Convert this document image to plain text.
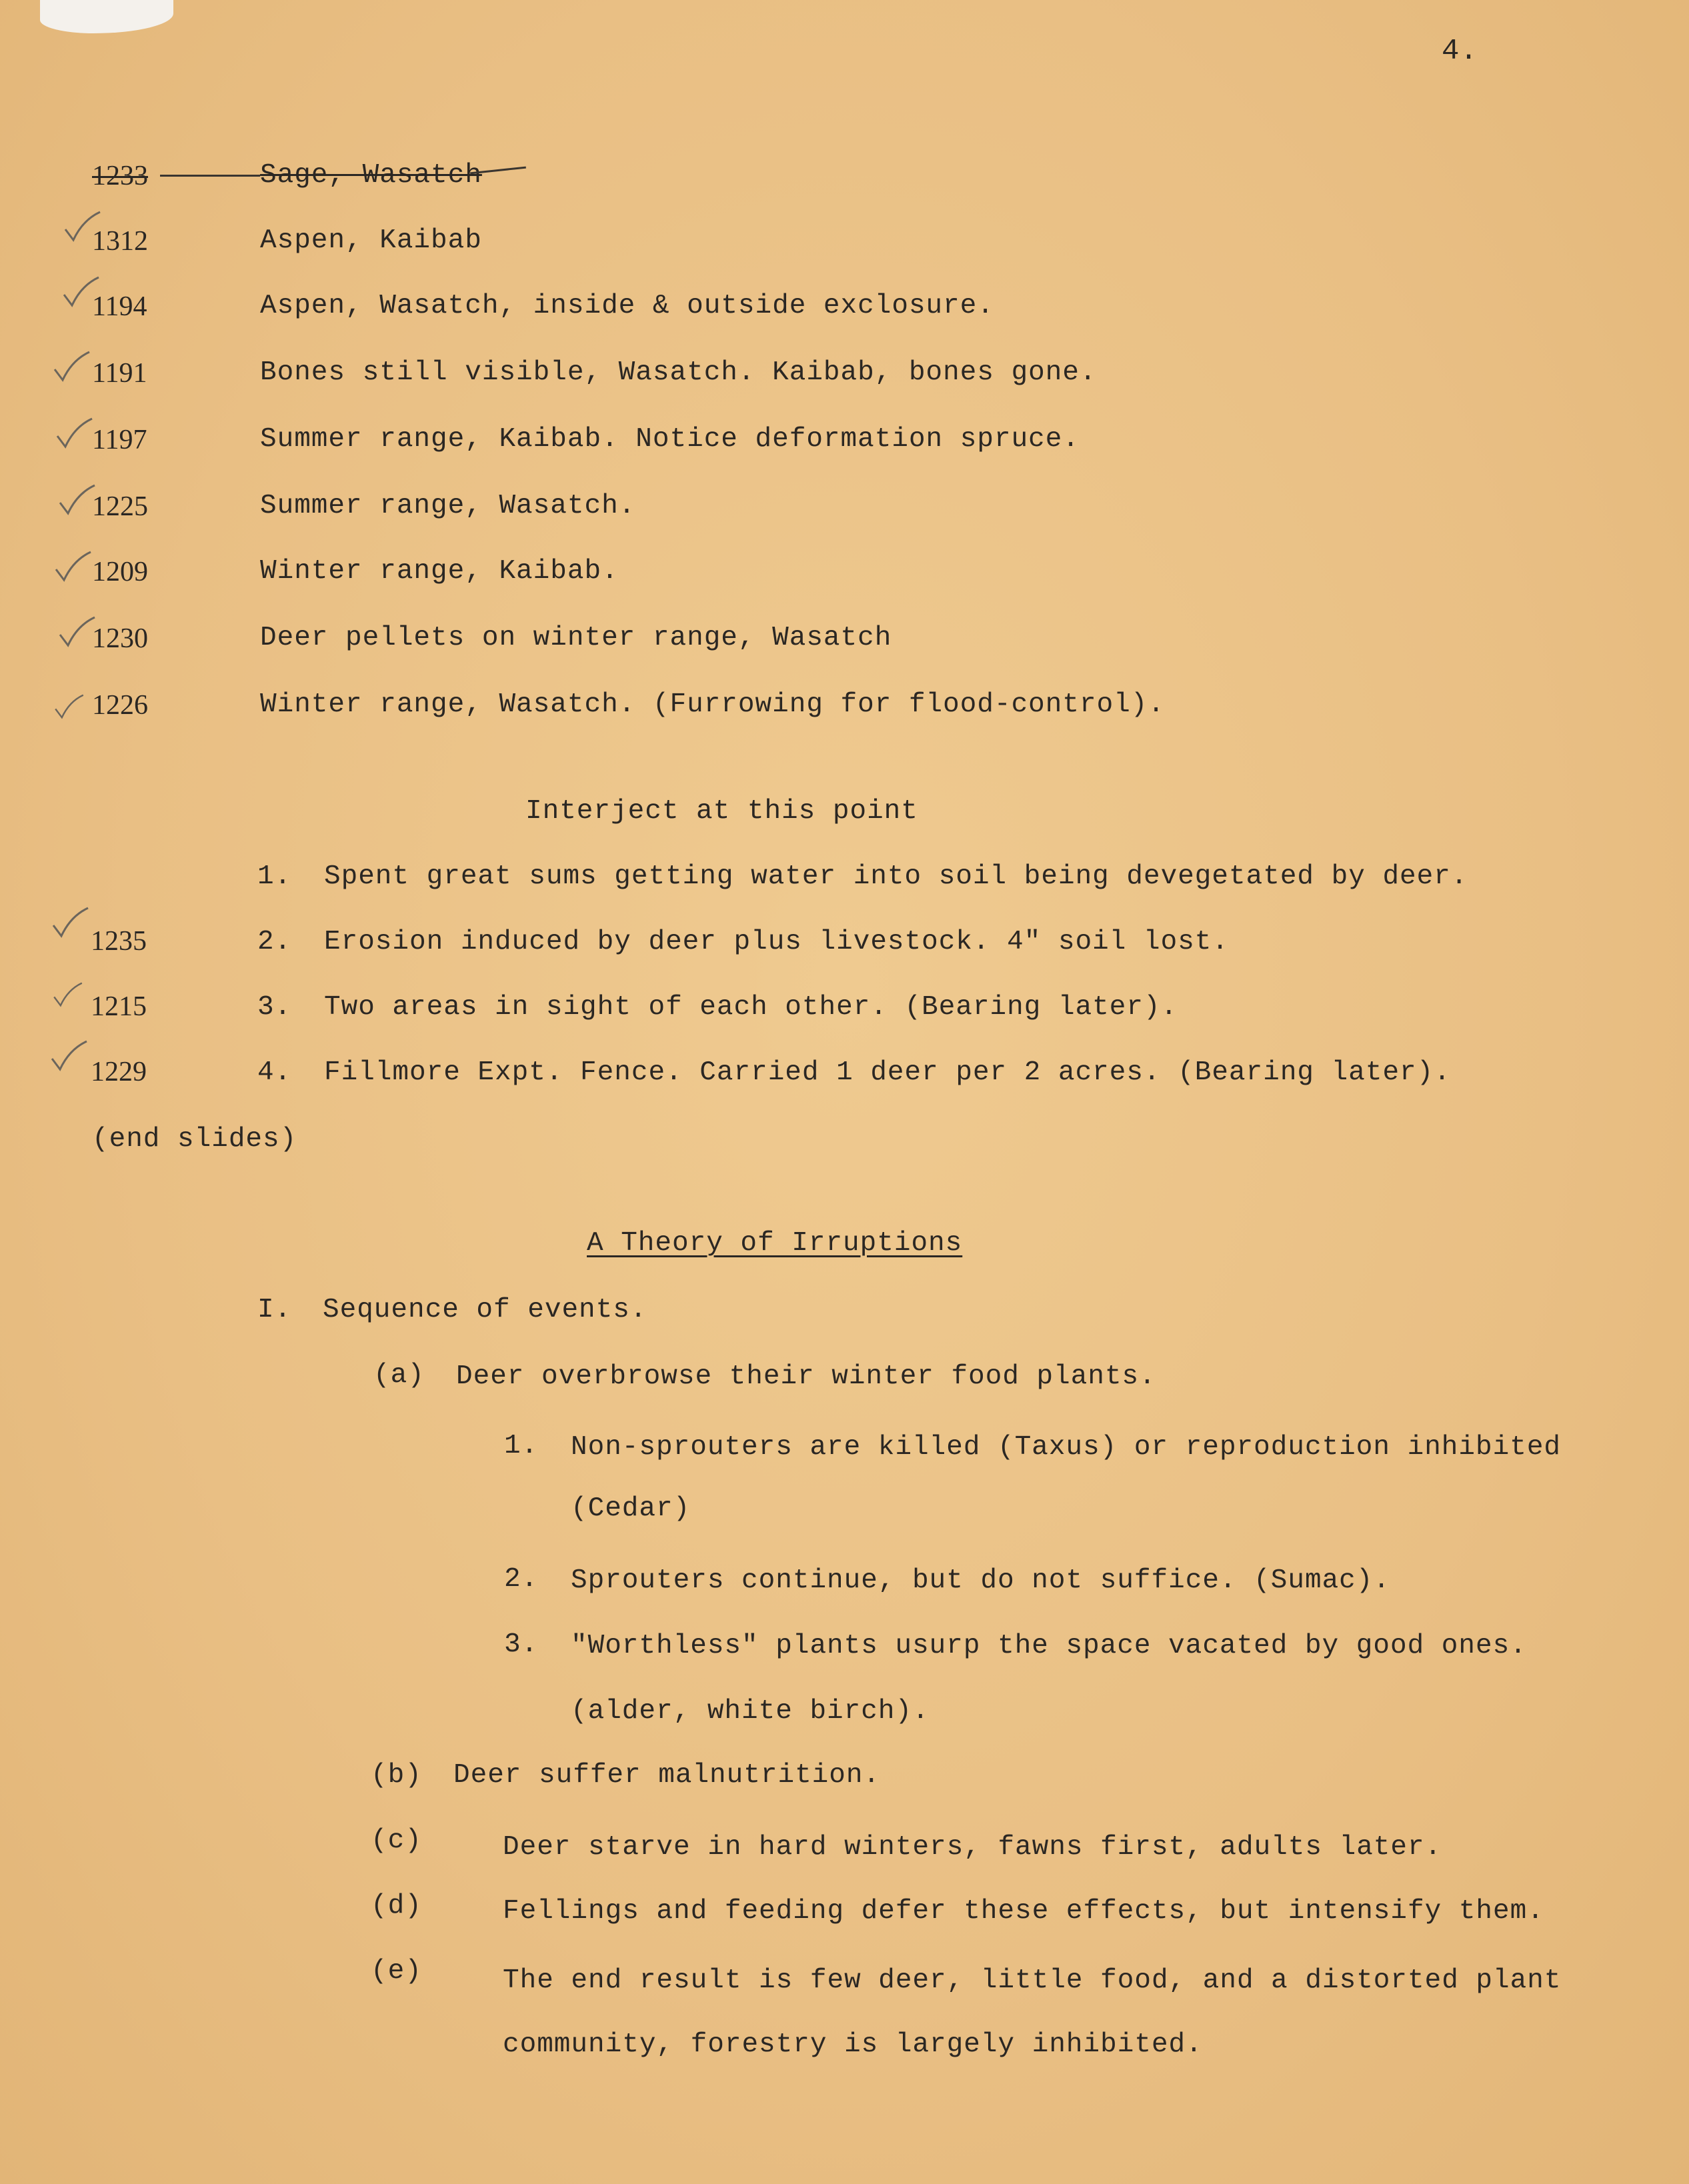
4.
1233	Sage, Wasatch
1312	Aspen, Kaibab
1194	Aspen, Wasatch, inside & outside exclosure.
1191	Bones still visible, Wasatch. Kaibab, bones gone.
1197	Summer range, Kaibab. Notice deformation spruce.
1225	Summer range, Wasatch.
1209	Winter range, Kaibab.
1230	Deer pellets on winter range, Wasatch
1226	Winter range, Wasatch. (Furrowing for flood-control).
Interject at this point
1. Spent great sums getting water into soil being devegetated by deer.
1235	2. Erosion induced by deer plus livestock. 4" soil lost.
1215	3. Two areas in sight of each other. (Bearing later).
1229	4. Fillmore Expt. Fence. Carried 1 deer per 2 acres. (Bearing later).
(end slides)
A Theory of Irruptions
I. Sequence of events.
(a) Deer overbrowse their winter food plants.
1. Non-sprouters are killed (Taxus) or reproduction inhibited
(Cedar)
2. Sprouters continue, but do not suffice. (Sumac).
3. "Worthless" plants usurp the space vacated by good ones.
(alder, white birch).
(b) Deer suffer malnutrition.
(c)	Deer starve in hard winters, fawns first, adults later.
(d)	Fellings and feeding defer these effects, but intensify them.
(e)	The end result is few deer, little food, and a distorted plant
community, forestry is largely inhibited.
